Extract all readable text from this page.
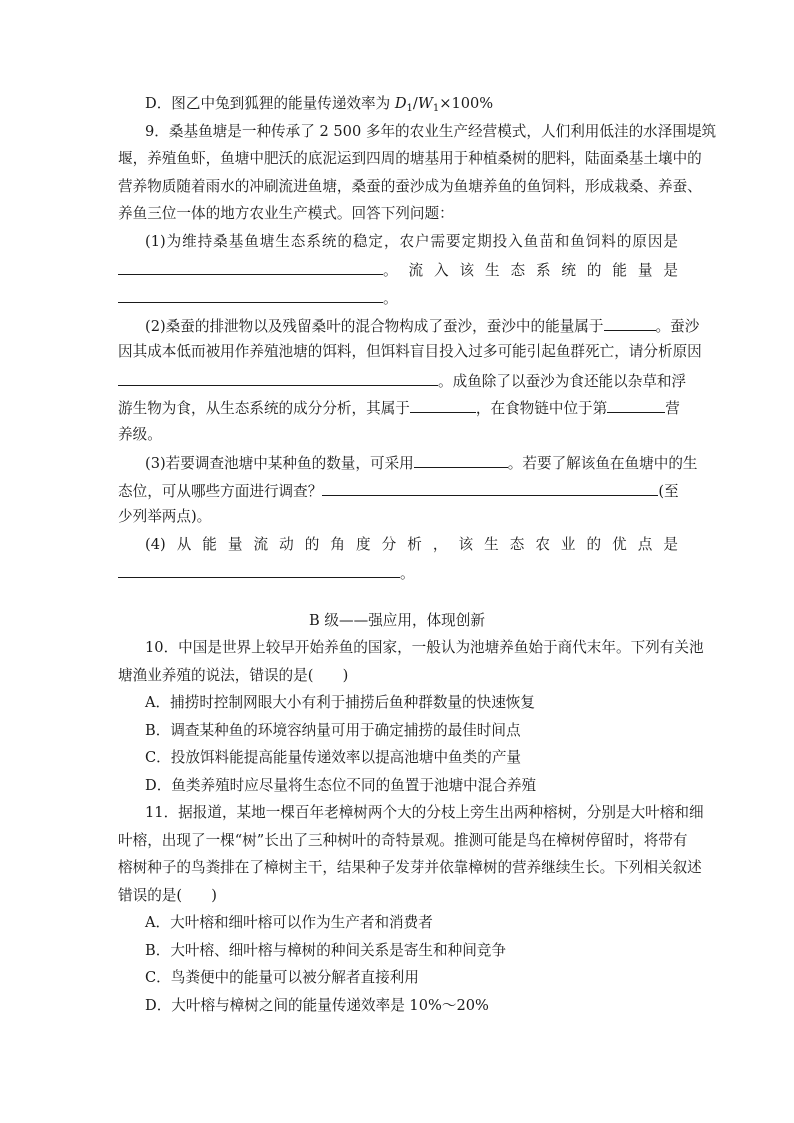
D．图乙中兔到狐狸的能量传递效率为 $D_1/W_1\times 100\%$
9．桑基鱼塘是一种传承了 2 500 多年的农业生产经营模式，人们利用低洼的水泽围堤筑
堰，养殖鱼虾，鱼塘中肥沃的底泥运到四周的塘基用于种植桑树的肥料，陆面桑基土壤中的
营养物质随着雨水的冲刷流进鱼塘，桑蚕的蚕沙成为鱼塘养鱼的鱼饲料，形成栽桑、养蚕、
养鱼三位一体的地方农业生产模式。回答下列问题：
(1)为维持桑基鱼塘生态系统的稳定，农户需要定期投入鱼苗和鱼饲料的原因是
。流入该生态系统的能量是
。
(2)桑蚕的排泄物以及残留桑叶的混合物构成了蚕沙，蚕沙中的能量属于	。蚕沙
因其成本低而被用作养殖池塘的饵料，但饵料盲目投入过多可能引起鱼群死亡，请分析原因
。成鱼除了以蚕沙为食还能以杂草和浮
游生物为食，从生态系统的成分分析，其属于	，在食物链中位于第	营
养级。
(3)若要调查池塘中某种鱼的数量，可采用	。若要了解该鱼在鱼塘中的生
态位，可从哪些方面进行调查？	(至
少列举两点)。
(4)从能量流动的角度分析，该生态农业的优点是
。
B 级——强应用，体现创新
10．中国是世界上较早开始养鱼的国家，一般认为池塘养鱼始于商代末年。下列有关池
塘渔业养殖的说法，错误的是(　　)
A．捕捞时控制网眼大小有利于捕捞后鱼种群数量的快速恢复
B．调查某种鱼的环境容纳量可用于确定捕捞的最佳时间点
C．投放饵料能提高能量传递效率以提高池塘中鱼类的产量
D．鱼类养殖时应尽量将生态位不同的鱼置于池塘中混合养殖
11．据报道，某地一棵百年老樟树两个大的分枝上旁生出两种榕树，分别是大叶榕和细
叶榕，出现了一棵“树”长出了三种树叶的奇特景观。推测可能是鸟在樟树停留时，将带有
榕树种子的鸟粪排在了樟树主干，结果种子发芽并依靠樟树的营养继续生长。下列相关叙述
错误的是(　　)
A．大叶榕和细叶榕可以作为生产者和消费者
B．大叶榕、细叶榕与樟树的种间关系是寄生和种间竞争
C．鸟粪便中的能量可以被分解者直接利用
D．大叶榕与樟树之间的能量传递效率是 10%～20%
